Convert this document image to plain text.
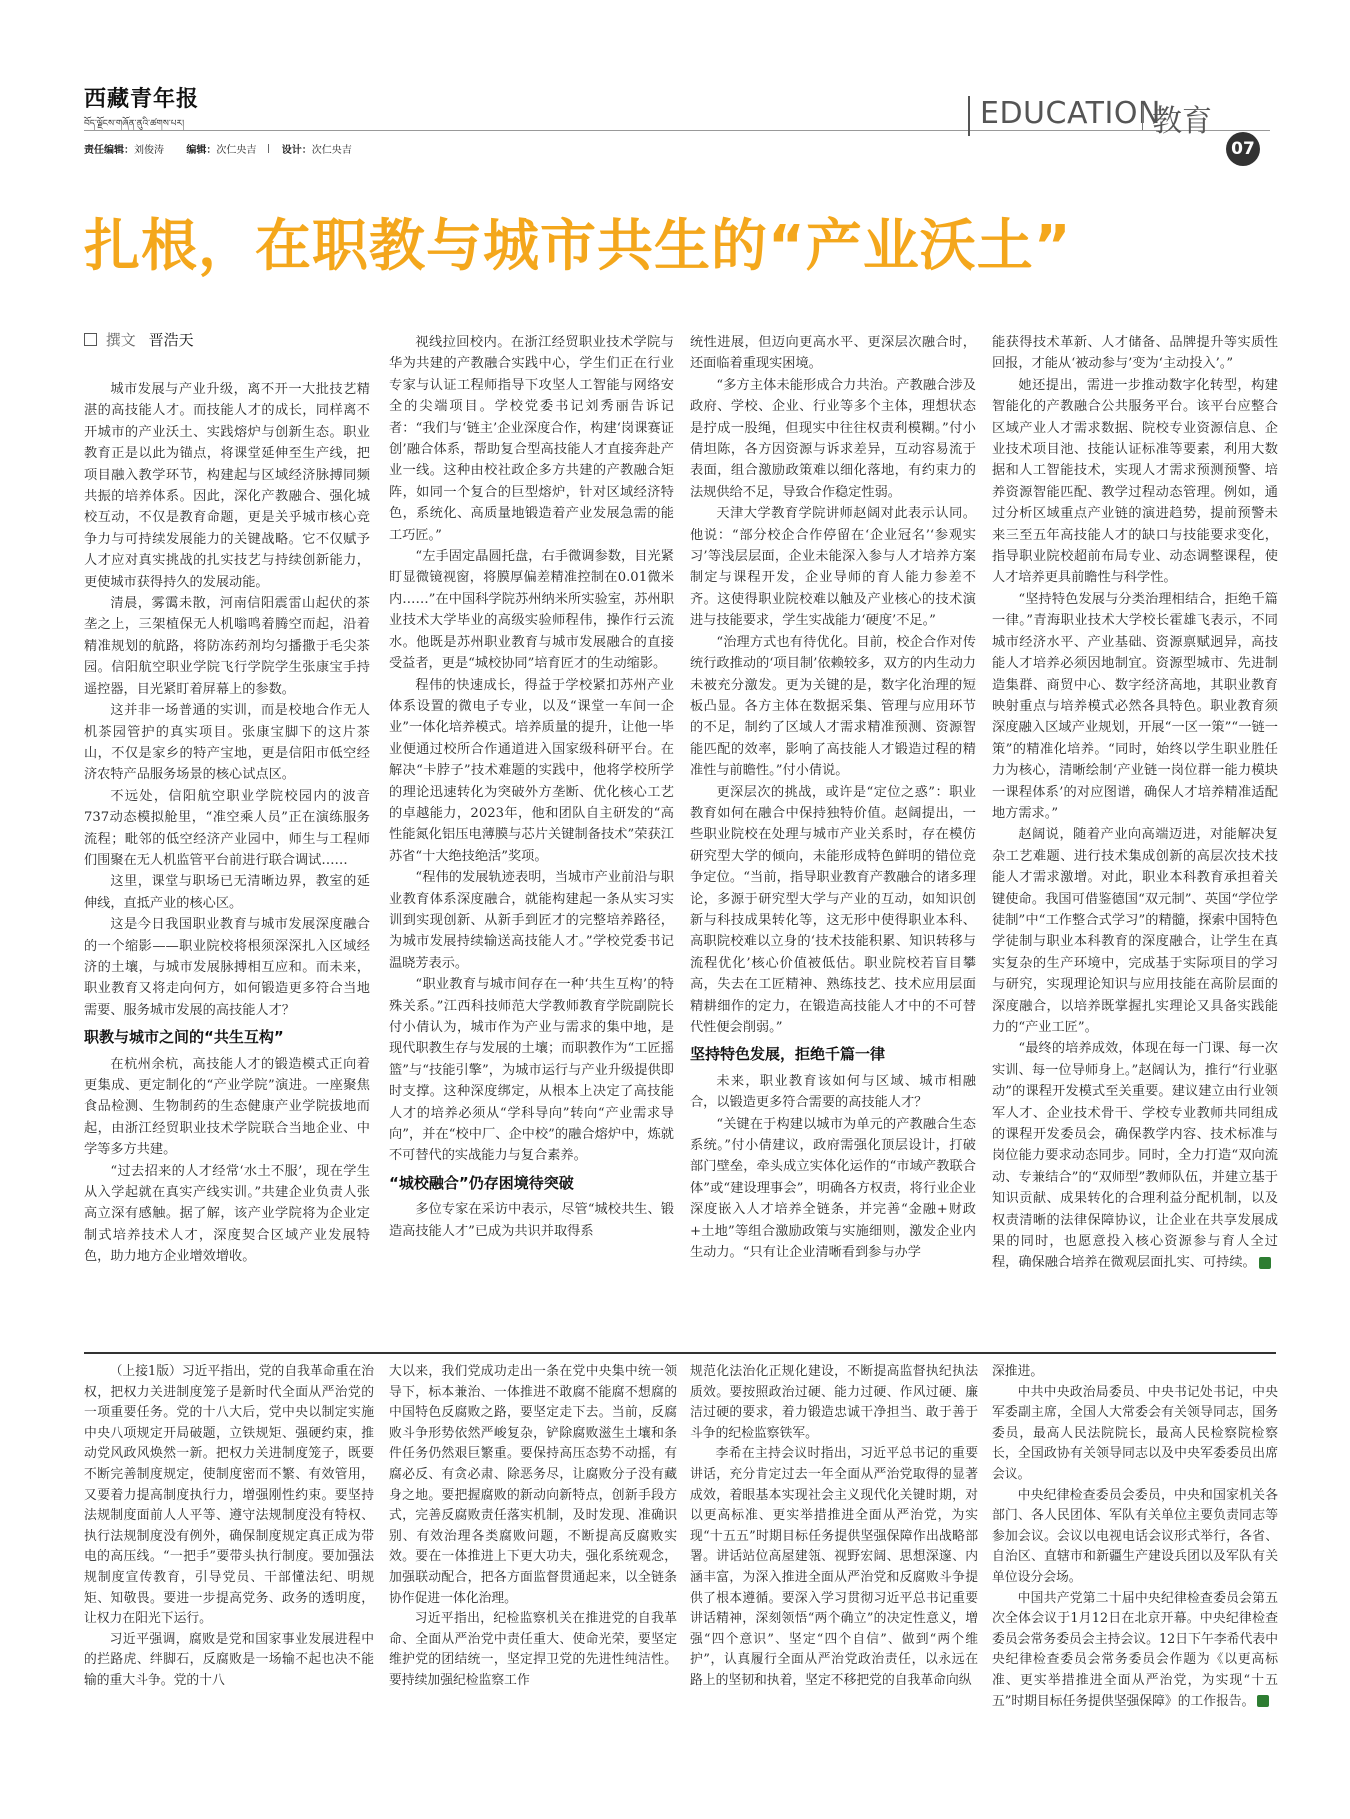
西藏青年报
བོད་ལྗོངས་གཞོན་ནུའི་ཚགས་པར།
责任编辑：刘俊涛 编辑：次仁央吉	设计：次仁央吉
EDUCATION
教育
07
扎根，在职教与城市共生的“产业沃土”
撰文 晋浩天

城市发展与产业升级，离不开一大批技艺精湛的高技能人才。而技能人才的成长，同样离不开城市的产业沃土、实践熔炉与创新生态。职业教育正是以此为锚点，将课堂延伸至生产线，把项目融入教学环节，构建起与区域经济脉搏同频共振的培养体系。因此，深化产教融合、强化城校互动，不仅是教育命题，更是关乎城市核心竞争力与可持续发展能力的关键战略。它不仅赋予人才应对真实挑战的扎实技艺与持续创新能力，更使城市获得持久的发展动能。

清晨，雾霭未散，河南信阳震雷山起伏的茶垄之上，三架植保无人机嗡鸣着腾空而起，沿着精准规划的航路，将防冻药剂均匀播撒于毛尖茶园。信阳航空职业学院飞行学院学生张康宝手持遥控器，目光紧盯着屏幕上的参数。

这并非一场普通的实训，而是校地合作无人机茶园管护的真实项目。张康宝脚下的这片茶山，不仅是家乡的特产宝地，更是信阳市低空经济农特产品服务场景的核心试点区。

不远处，信阳航空职业学院校园内的波音737动态模拟舱里，“准空乘人员”正在演练服务流程；毗邻的低空经济产业园中，师生与工程师们围聚在无人机监管平台前进行联合调试……

这里，课堂与职场已无清晰边界，教室的延伸线，直抵产业的核心区。

这是今日我国职业教育与城市发展深度融合的一个缩影——职业院校将根须深深扎入区域经济的土壤，与城市发展脉搏相互应和。而未来，职业教育又将走向何方，如何锻造更多符合当地需要、服务城市发展的高技能人才？

职教与城市之间的“共生互构”

在杭州余杭，高技能人才的锻造模式正向着更集成、更定制化的“产业学院”演进。一座聚焦食品检测、生物制药的生态健康产业学院拔地而起，由浙江经贸职业技术学院联合当地企业、中学等多方共建。

“过去招来的人才经常‘水土不服’，现在学生从入学起就在真实产线实训。”共建企业负责人张高立深有感触。据了解，该产业学院将为企业定制式培养技术人才，深度契合区域产业发展特色，助力地方企业增效增收。

视线拉回校内。在浙江经贸职业技术学院与华为共建的产教融合实践中心，学生们正在行业专家与认证工程师指导下攻坚人工智能与网络安全的尖端项目。学校党委书记刘秀丽告诉记者：“我们与‘链主’企业深度合作，构建‘岗课赛证创’融合体系，帮助复合型高技能人才直接奔赴产业一线。这种由校社政企多方共建的产教融合矩阵，如同一个复合的巨型熔炉，针对区域经济特色，系统化、高质量地锻造着产业发展急需的能工巧匠。”

“左手固定晶圆托盘，右手微调参数，目光紧盯显微镜视窗，将膜厚偏差精准控制在0.01微米内……”在中国科学院苏州纳米所实验室，苏州职业技术大学毕业的高级实验师程伟，操作行云流水。他既是苏州职业教育与城市发展融合的直接受益者，更是“城校协同”培育匠才的生动缩影。

程伟的快速成长，得益于学校紧扣苏州产业体系设置的微电子专业，以及“课堂一车间一企业”一体化培养模式。培养质量的提升，让他一毕业便通过校所合作通道进入国家级科研平台。在解决“卡脖子”技术难题的实践中，他将学校所学的理论迅速转化为突破外方垄断、优化核心工艺的卓越能力，2023年，他和团队自主研发的“高性能氮化铝压电薄膜与芯片关键制备技术”荣获江苏省“十大绝技绝活”奖项。

“程伟的发展轨迹表明，当城市产业前沿与职业教育体系深度融合，就能构建起一条从实习实训到实现创新、从新手到匠才的完整培养路径，为城市发展持续输送高技能人才。”学校党委书记温晓芳表示。

“职业教育与城市间存在一种‘共生互构’的特殊关系。”江西科技师范大学教师教育学院副院长付小倩认为，城市作为产业与需求的集中地，是现代职教生存与发展的土壤；而职教作为“工匠摇篮”与“技能引擎”，为城市运行与产业升级提供即时支撑。这种深度绑定，从根本上决定了高技能人才的培养必须从“学科导向”转向“产业需求导向”，并在“校中厂、企中校”的融合熔炉中，炼就不可替代的实战能力与复合素养。

“城校融合”仍存困境待突破

多位专家在采访中表示，尽管“城校共生、锻造高技能人才”已成为共识并取得系

统性进展，但迈向更高水平、更深层次融合时，还面临着重现实困境。

“多方主体未能形成合力共治。产教融合涉及政府、学校、企业、行业等多个主体，理想状态是拧成一股绳，但现实中往往权责利模糊。”付小倩坦陈，各方因资源与诉求差异，互动容易流于表面，组合激励政策难以细化落地，有约束力的法规供给不足，导致合作稳定性弱。

天津大学教育学院讲师赵阔对此表示认同。他说：“部分校企合作停留在‘企业冠名’‘参观实习’等浅层层面，企业未能深入参与人才培养方案制定与课程开发，企业导师的育人能力参差不齐。这使得职业院校难以触及产业核心的技术演进与技能要求，学生实战能力‘硬度’不足。”

“治理方式也有待优化。目前，校企合作对传统行政推动的‘项目制’依赖较多，双方的内生动力未被充分激发。更为关键的是，数字化治理的短板凸显。各方主体在数据采集、管理与应用环节的不足，制约了区域人才需求精准预测、资源智能匹配的效率，影响了高技能人才锻造过程的精准性与前瞻性。”付小倩说。

更深层次的挑战，或许是“定位之惑”：职业教育如何在融合中保持独特价值。赵阔提出，一些职业院校在处理与城市产业关系时，存在模仿研究型大学的倾向，未能形成特色鲜明的错位竞争定位。“当前，指导职业教育产教融合的诸多理论，多源于研究型大学与产业的互动，如知识创新与科技成果转化等，这无形中使得职业本科、高职院校难以立身的‘技术技能积累、知识转移与流程优化’核心价值被低估。职业院校若盲目攀高，失去在工匠精神、熟练技艺、技术应用层面精耕细作的定力，在锻造高技能人才中的不可替代性便会削弱。”

坚持特色发展，拒绝千篇一律

未来，职业教育该如何与区域、城市相融合，以锻造更多符合需要的高技能人才？

“关键在于构建以城市为单元的产教融合生态系统。”付小倩建议，政府需强化顶层设计，打破部门壁垒，牵头成立实体化运作的“市域产教联合体”或“建设理事会”，明确各方权责，将行业企业深度嵌入人才培养全链条，并完善“金融+财政+土地”等组合激励政策与实施细则，激发企业内生动力。“只有让企业清晰看到参与办学

能获得技术革新、人才储备、品牌提升等实质性回报，才能从‘被动参与’变为‘主动投入’。”

她还提出，需进一步推动数字化转型，构建智能化的产教融合公共服务平台。该平台应整合区域产业人才需求数据、院校专业资源信息、企业技术项目池、技能认证标准等要素，利用大数据和人工智能技术，实现人才需求预测预警、培养资源智能匹配、教学过程动态管理。例如，通过分析区域重点产业链的演进趋势，提前预警未来三至五年高技能人才的缺口与技能要求变化，指导职业院校超前布局专业、动态调整课程，使人才培养更具前瞻性与科学性。

“坚持特色发展与分类治理相结合，拒绝千篇一律。”青海职业技术大学校长霍雄飞表示，不同城市经济水平、产业基础、资源禀赋迥异，高技能人才培养必须因地制宜。资源型城市、先进制造集群、商贸中心、数字经济高地，其职业教育映射重点与培养模式必然各具特色。职业教育须深度融入区域产业规划，开展“一区一策”“一链一策”的精准化培养。“同时，始终以学生职业胜任力为核心，清晰绘制‘产业链一岗位群一能力模块一课程体系’的对应图谱，确保人才培养精准适配地方需求。”

赵阔说，随着产业向高端迈进，对能解决复杂工艺难题、进行技术集成创新的高层次技术技能人才需求激增。对此，职业本科教育承担着关键使命。我国可借鉴德国“双元制”、英国“学位学徒制”中“工作整合式学习”的精髓，探索中国特色学徒制与职业本科教育的深度融合，让学生在真实复杂的生产环境中，完成基于实际项目的学习与研究，实现理论知识与应用技能在高阶层面的深度融合，以培养既掌握扎实理论又具备实践能力的“产业工匠”。

“最终的培养成效，体现在每一门课、每一次实训、每一位导师身上。”赵阔认为，推行“行业驱动”的课程开发模式至关重要。建议建立由行业领军人才、企业技术骨干、学校专业教师共同组成的课程开发委员会，确保教学内容、技术标准与岗位能力要求动态同步。同时，全力打造“双向流动、专兼结合”的“双师型”教师队伍，并建立基于知识贡献、成果转化的合理利益分配机制，以及权责清晰的法律保障协议，让企业在共享发展成果的同时，也愿意投入核心资源参与育人全过程，确保融合培养在微观层面扎实、可持续。

（上接1版）习近平指出，党的自我革命重在治权，把权力关进制度笼子是新时代全面从严治党的一项重要任务。党的十八大后，党中央以制定实施中央八项规定开局破题，立铁规矩、强硬约束，推动党风政风焕然一新。把权力关进制度笼子，既要不断完善制度规定，使制度密而不繁、有效管用，又要着力提高制度执行力，增强刚性约束。要坚持法规制度面前人人平等、遵守法规制度没有特权、执行法规制度没有例外，确保制度规定真正成为带电的高压线。“一把手”要带头执行制度。要加强法规制度宣传教育，引导党员、干部懂法纪、明规矩、知敬畏。要进一步提高党务、政务的透明度，让权力在阳光下运行。

习近平强调，腐败是党和国家事业发展进程中的拦路虎、绊脚石，反腐败是一场输不起也决不能输的重大斗争。党的十八

大以来，我们党成功走出一条在党中央集中统一领导下，标本兼治、一体推进不敢腐不能腐不想腐的中国特色反腐败之路，要坚定走下去。当前，反腐败斗争形势依然严峻复杂，铲除腐败滋生土壤和条件任务仍然艰巨繁重。要保持高压态势不动摇，有腐必反、有贪必肃、除恶务尽，让腐败分子没有藏身之地。要把握腐败的新动向新特点，创新手段方式，完善反腐败责任落实机制，及时发现、准确识别、有效治理各类腐败问题，不断提高反腐败实效。要在一体推进上下更大功夫，强化系统观念，加强联动配合，把各方面监督贯通起来，以全链条协作促进一体化治理。

习近平指出，纪检监察机关在推进党的自我革命、全面从严治党中责任重大、使命光荣，要坚定维护党的团结统一，坚定捍卫党的先进性纯洁性。要持续加强纪检监察工作

规范化法治化正规化建设，不断提高监督执纪执法质效。要按照政治过硬、能力过硬、作风过硬、廉洁过硬的要求，着力锻造忠诚干净担当、敢于善于斗争的纪检监察铁军。

李希在主持会议时指出，习近平总书记的重要讲话，充分肯定过去一年全面从严治党取得的显著成效，着眼基本实现社会主义现代化关键时期，对以更高标准、更实举措推进全面从严治党，为实现“十五五”时期目标任务提供坚强保障作出战略部署。讲话站位高屋建瓴、视野宏阔、思想深邃、内涵丰富，为深入推进全面从严治党和反腐败斗争提供了根本遵循。要深入学习贯彻习近平总书记重要讲话精神，深刻领悟“两个确立”的决定性意义，增强“四个意识”、坚定“四个自信”、做到“两个维护”，认真履行全面从严治党政治责任，以永远在路上的坚韧和执着，坚定不移把党的自我革命向纵

深推进。

中共中央政治局委员、中央书记处书记，中央军委副主席，全国人大常委会有关领导同志，国务委员，最高人民法院院长，最高人民检察院检察长，全国政协有关领导同志以及中央军委委员出席会议。

中央纪律检查委员会委员，中央和国家机关各部门、各人民团体、军队有关单位主要负责同志等参加会议。会议以电视电话会议形式举行，各省、自治区、直辖市和新疆生产建设兵团以及军队有关单位设分会场。

中国共产党第二十届中央纪律检查委员会第五次全体会议于1月12日在北京开幕。中央纪律检查委员会常务委员会主持会议。12日下午李希代表中央纪律检查委员会常务委员会作题为《以更高标准、更实举措推进全面从严治党，为实现“十五五”时期目标任务提供坚强保障》的工作报告。
